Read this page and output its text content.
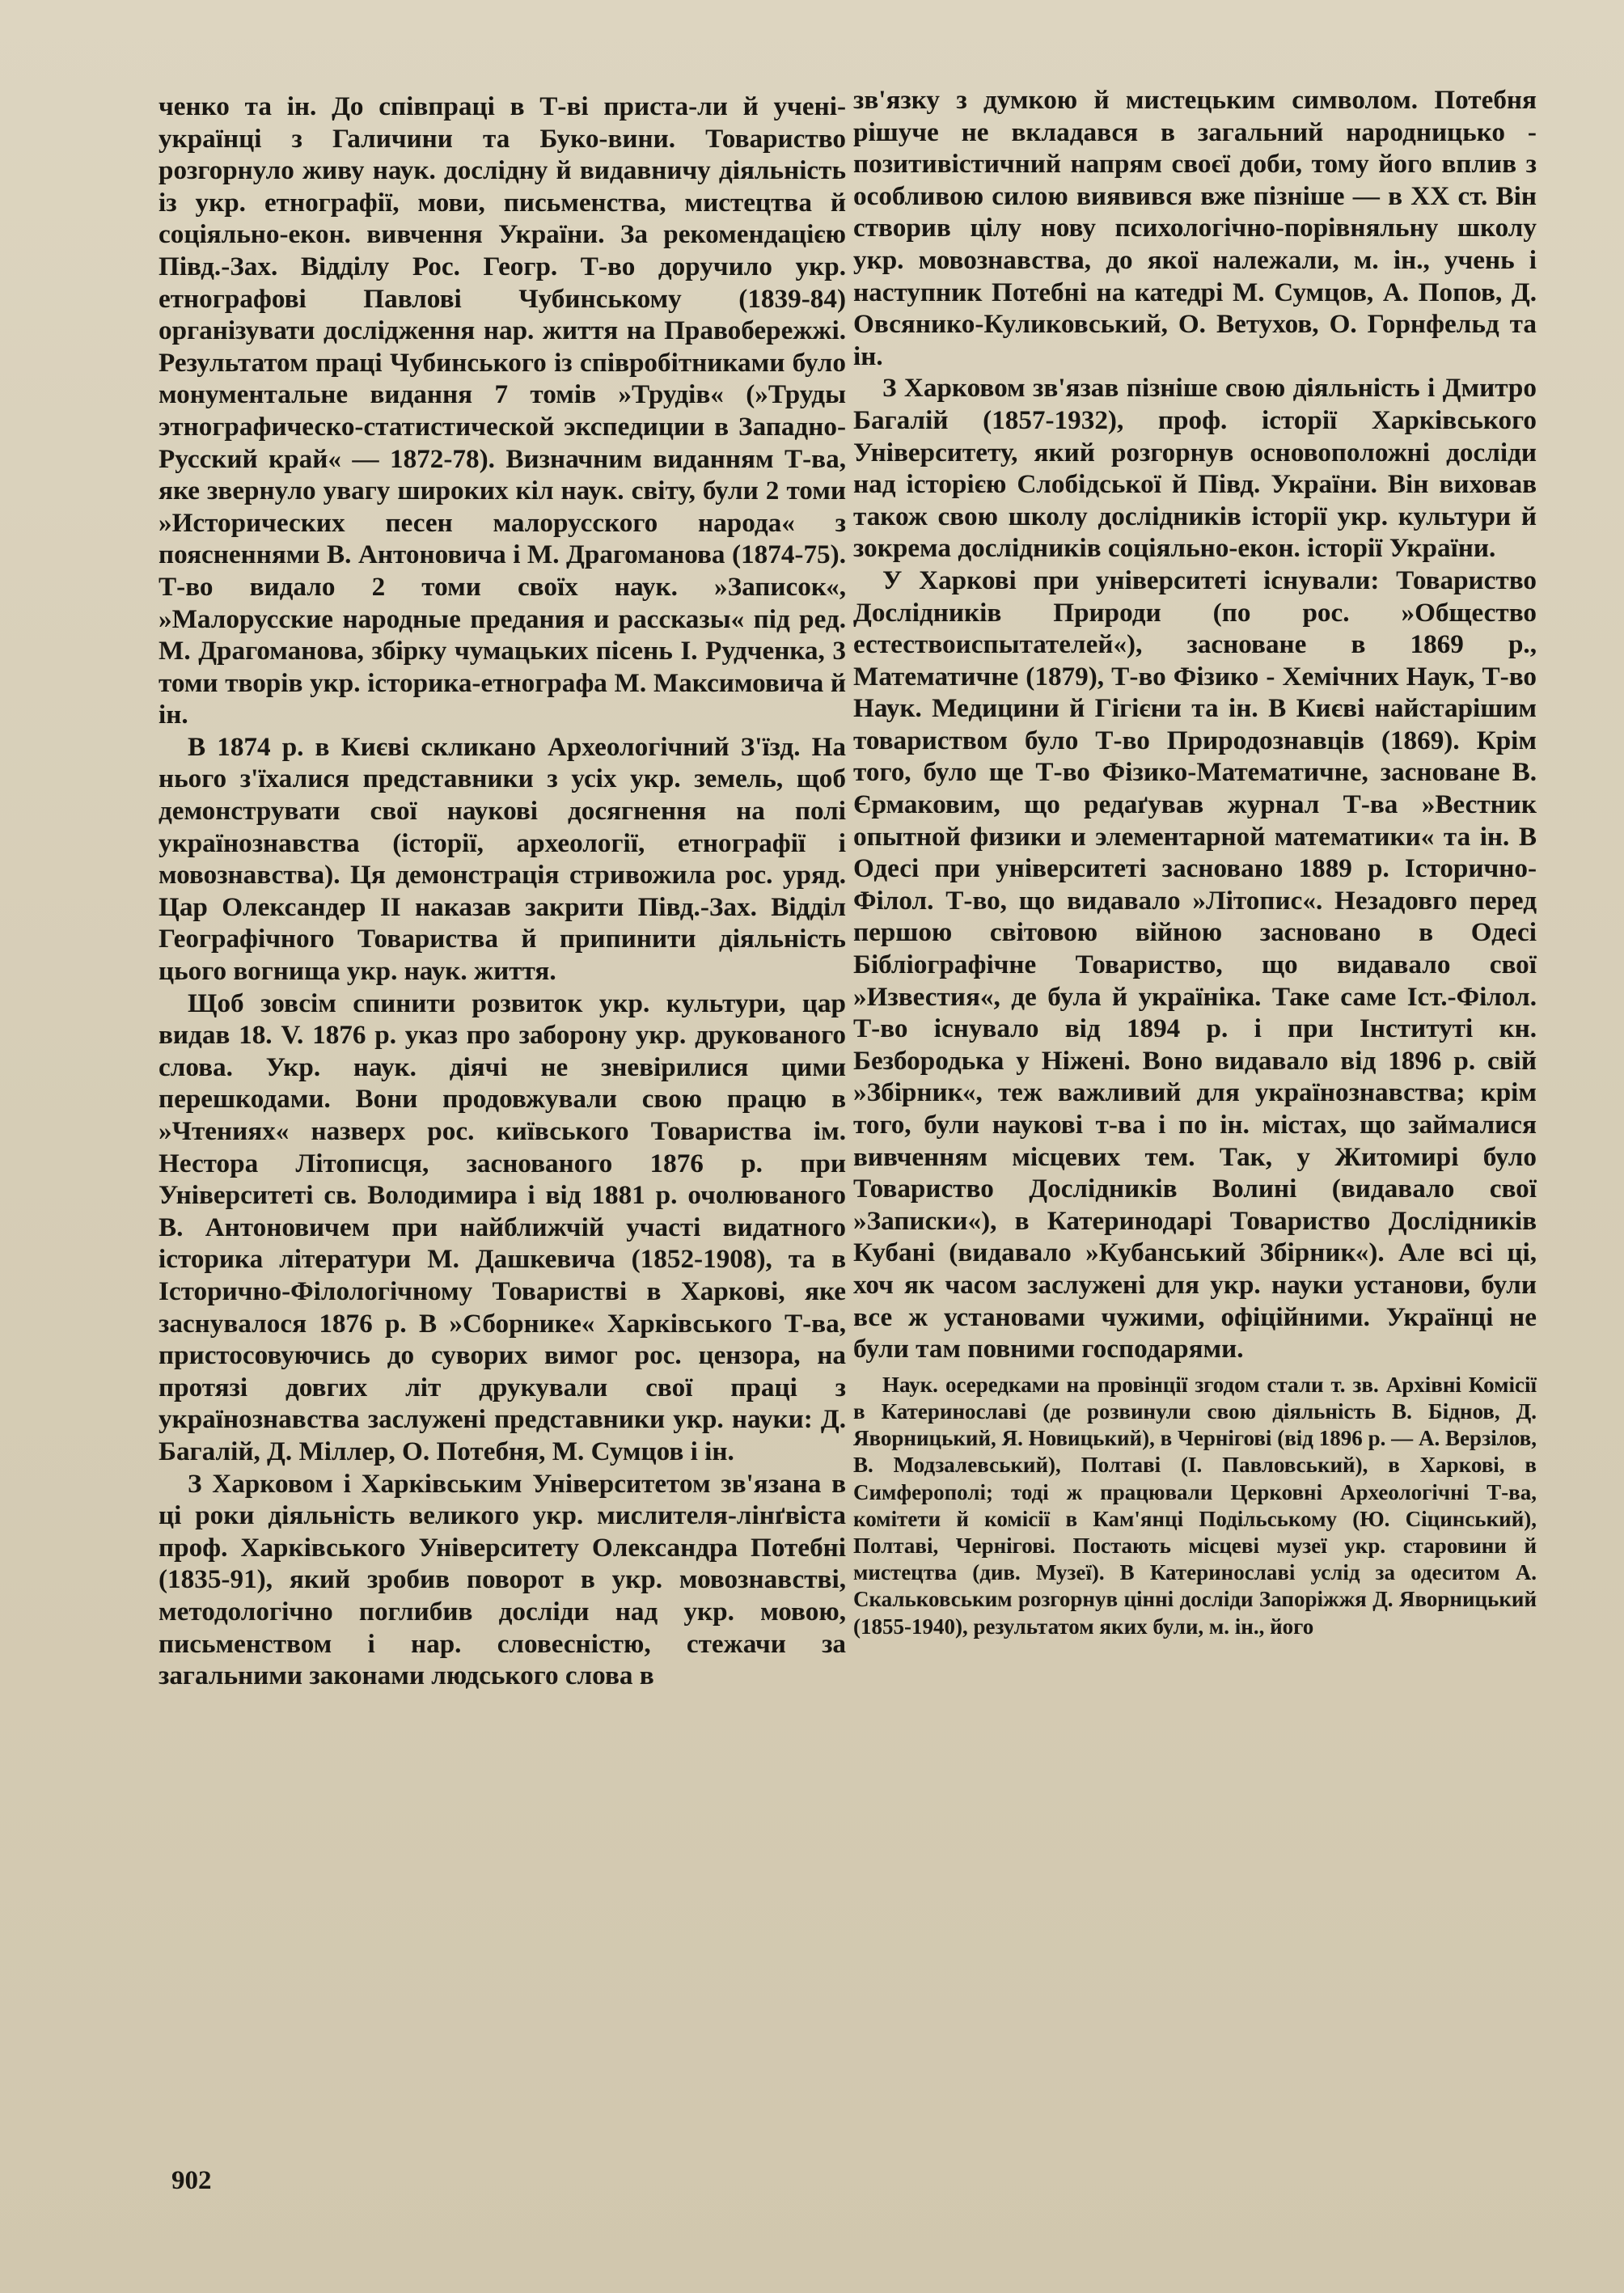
ченко та ін. До співпраці в Т-ві приста-ли й учені-українці з Галичини та Буко-вини. Товариство розгорнуло живу наук. дослідну й видавничу діяльність із укр. етнографії, мови, письменства, мистецтва й соціяльно-екон. вивчення України. За рекомендацією Півд.-Зах. Відділу Рос. Геогр. Т-во доручило укр. етнографові Павлові Чубинському (1839-84) організувати дослідження нар. життя на Правобережжі. Результатом праці Чубинського із співробітниками було монументальне видання 7 томів »Трудів« (»Труды этнографическо-статистической экспедиции в Западно-Русский край« — 1872-78). Визначним виданням Т-ва, яке звернуло увагу широких кіл наук. світу, були 2 томи »Исторических песен малорусского народа« з поясненнями В. Антоновича і М. Драгоманова (1874-75). Т-во видало 2 томи своїх наук. »Записок«, »Малорусские народные предания и рассказы« під ред. М. Драгоманова, збірку чумацьких пісень І. Рудченка, 3 томи творів укр. історика-етнографа М. Максимовича й ін.

В 1874 р. в Києві скликано Археологічний З'їзд. На нього з'їхалися представники з усіх укр. земель, щоб демонструвати свої наукові досягнення на полі українознавства (історії, археології, етнографії і мовознавства). Ця демонстрація стривожила рос. уряд. Цар Олександер II наказав закрити Півд.-Зах. Відділ Географічного Товариства й припинити діяльність цього вогнища укр. наук. життя.

Щоб зовсім спинити розвиток укр. культури, цар видав 18. V. 1876 р. указ про заборону укр. друкованого слова. Укр. наук. діячі не зневірилися цими перешкодами. Вони продовжували свою працю в »Чтениях« назверх рос. київського Товариства ім. Нестора Літописця, заснованого 1876 р. при Університеті св. Володимира і від 1881 р. очолюваного В. Антоновичем при найближчій участі видатного історика літератури М. Дашкевича (1852-1908), та в Історично-Філологічному Товаристві в Харкові, яке заснувалося 1876 р. В »Сборнике« Харківського Т-ва, пристосовуючись до суворих вимог рос. цензора, на протязі довгих літ друкували свої праці з українознавства заслужені представники укр. науки: Д. Багалій, Д. Міллер, О. Потебня, М. Сумцов і ін.

З Харковом і Харківським Університетом зв'язана в ці роки діяльність великого укр. мислителя-лінґвіста проф. Харківського Університету Олександра Потебні (1835-91), який зробив поворот в укр. мовознавстві, методологічно поглибив досліди над укр. мовою, письменством і нар. словесністю, стежачи за загальними законами людського слова в

зв'язку з думкою й мистецьким символом. Потебня рішуче не вкладався в загальний народницько - позитивістичний напрям своєї доби, тому його вплив з особливою силою виявився вже пізніше — в XX ст. Він створив цілу нову психологічно-порівняльну школу укр. мовознавства, до якої належали, м. ін., учень і наступник Потебні на катедрі М. Сумцов, А. Попов, Д. Овсянико-Куликовський, О. Ветухов, О. Горнфельд та ін.

З Харковом зв'язав пізніше свою діяльність і Дмитро Багалій (1857-1932), проф. історії Харківського Університету, який розгорнув основоположні досліди над історією Слобідської й Півд. України. Він виховав також свою школу дослідників історії укр. культури й зокрема дослідників соціяльно-екон. історії України.

У Харкові при університеті існували: Товариство Дослідників Природи (по рос. »Общество естествоиспытателей«), засноване в 1869 р., Математичне (1879), Т-во Фізико - Хемічних Наук, Т-во Наук. Медицини й Гігієни та ін. В Києві найстарішим товариством було Т-во Природознавців (1869). Крім того, було ще Т-во Фізико-Математичне, засноване В. Єрмаковим, що редаґував журнал Т-ва »Вестник опытной физики и элементарной математики« та ін. В Одесі при університеті засновано 1889 р. Історично-Філол. Т-во, що видавало »Літопис«. Незадовго перед першою світовою війною засновано в Одесі Бібліографічне Товариство, що видавало свої »Известия«, де була й україніка. Таке саме Іст.-Філол. Т-во існувало від 1894 р. і при Інституті кн. Безбородька у Ніжені. Воно видавало від 1896 р. свій »Збірник«, теж важливий для українознавства; крім того, були наукові т-ва і по ін. містах, що займалися вивченням місцевих тем. Так, у Житомирі було Товариство Дослідників Волині (видавало свої »Записки«), в Катеринодарі Товариство Дослідників Кубані (видавало »Кубанський Збірник«). Але всі ці, хоч як часом заслужені для укр. науки установи, були все ж установами чужими, офіційними. Українці не були там повними господарями.

Наук. осередками на провінції згодом стали т. зв. Архівні Комісії в Катеринославі (де розвинули свою діяльність В. Біднов, Д. Яворницький, Я. Новицький), в Чернігові (від 1896 р. — А. Верзілов, В. Модзалевський), Полтаві (І. Павловський), в Харкові, в Симферополі; тоді ж працювали Церковні Археологічні Т-ва, комітети й комісії в Кам'янці Подільському (Ю. Сіцинський), Полтаві, Чернігові. Постають місцеві музеї укр. старовини й мистецтва (див. Музеї). В Катеринославі услід за одеситом А. Скальковським розгорнув цінні досліди Запоріжжя Д. Яворницький (1855-1940), результатом яких були, м. ін., його

902
